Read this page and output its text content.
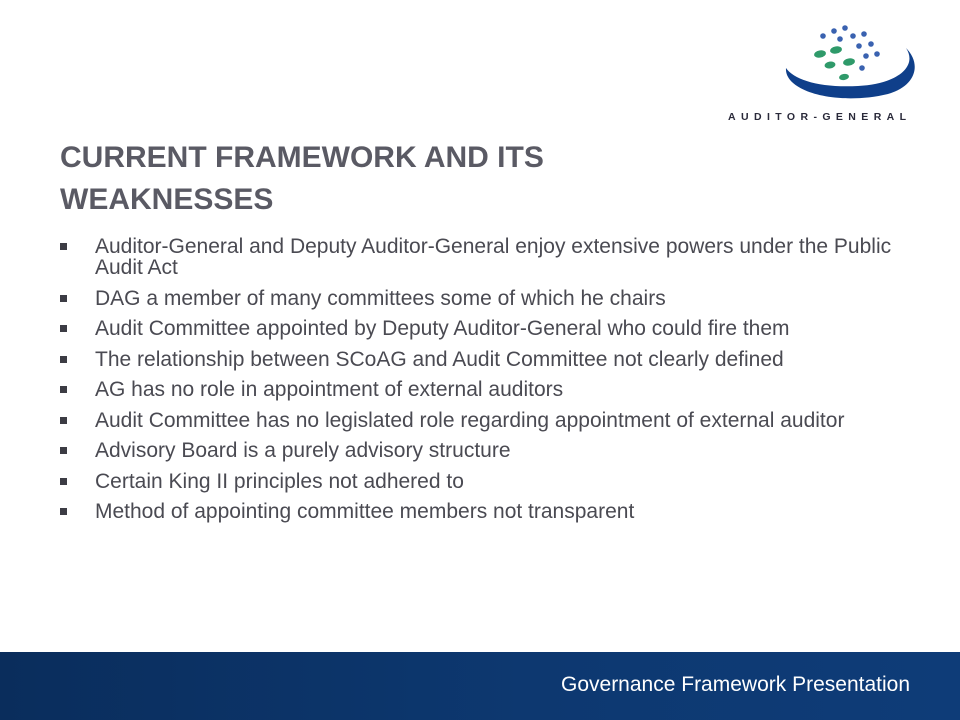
AUDITOR-GENERAL
CURRENT FRAMEWORK AND ITS WEAKNESSES
Auditor-General and Deputy Auditor-General enjoy extensive powers under the Public Audit Act
DAG a member of many committees some of which he chairs
Audit Committee appointed by Deputy Auditor-General who could fire them
The relationship between SCoAG and Audit Committee not clearly defined
AG has no role in appointment of external auditors
Audit Committee has no legislated role regarding appointment of external auditor
Advisory Board is a purely advisory structure
Certain King II principles not adhered to
Method of appointing committee members not transparent
Governance Framework Presentation
